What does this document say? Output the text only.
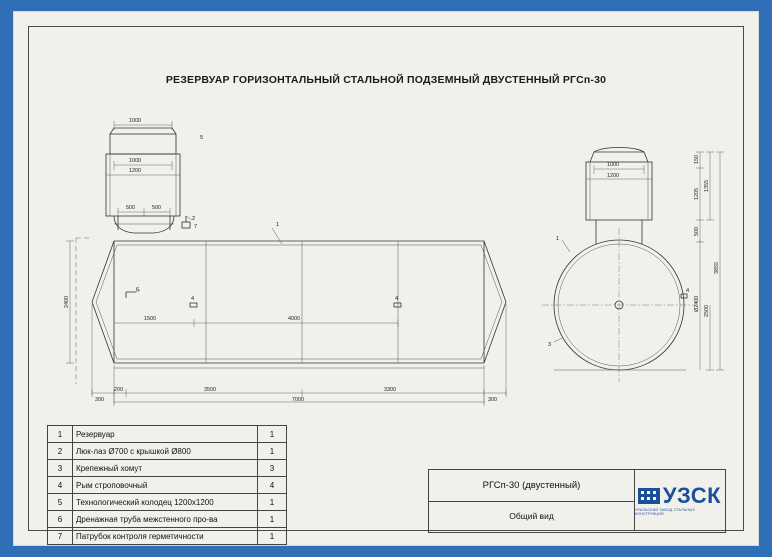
РЕЗЕРВУАР ГОРИЗОНТАЛЬНЫЙ СТАЛЬНОЙ ПОДЗЕМНЫЙ ДВУСТЕННЫЙ РГСп-30
1000
1000
1200
500	500
2400
1500	4000
300
200	3500
7000
3300
300
5
1
2
7
6
4	4
1000
1200
150
1205
1355
500
3855
Ø2400 2500
1
3
4
1	Резервуар	1
2	Люк-лаз Ø700 с крышкой Ø800	1
3	Крепежный хомут	3
4	Рым строповочный	4
5	Технологический колодец 1200х1200	1
6	Дренажная труба межстенного про-ва	1
7	Патрубок контроля герметичности	1
РГСп-30 (двустенный)
Общий вид
УЗСК
УРАЛЬСКИЙ ЗАВОД СТАЛЬНЫХ КОНСТРУКЦИЙ
